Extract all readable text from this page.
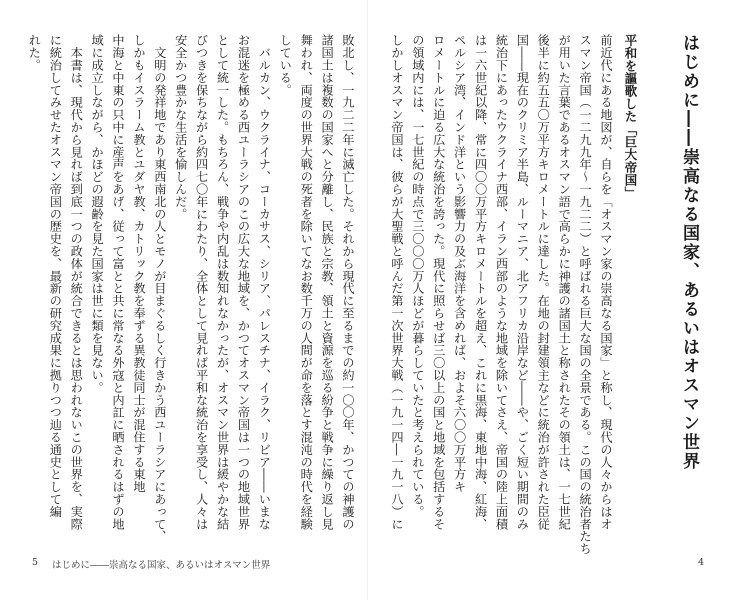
はじめに――崇高なる国家、あるいはオスマン世界
平和を謳歌した「巨大帝国」
前近代にある地図が、自らを「オスマン家の崇高なる国家」と称し、現代の人々からはオ
スマン帝国（一二九九年〜一九二二）と呼ばれる巨大な国の全景である。この国の統治者たち
が用いた言葉であるオスマン語で高らかに神護の諸国土と称されたその領土は、一七世紀
後半に約五五〇万平方キロメートルに達した。在地の封建領主などに統治が許された臣従
国――現在のクリミア半島、ルーマニア、北アフリカ沿岸など――や、ごく短い期間のみ
統治下にあったウクライナ西部、イラン西部のような地域を除いてさえ、帝国の陸上面積
は一六世紀以降、常に四〇〇万平方キロメートルを超え、これに黒海、東地中海、紅海、
ペルシア湾、インド洋という影響力の及ぶ海洋を含めれば、およそ六〇〇万平方キ
ロメートルに迫る広大な統治を誇った。現代に照らせば三〇以上の国と地域を包括するそ
の領域内には、一七世紀の時点で三〇〇〇万人ほどが暮らしていたと考えられている。
しかしオスマン帝国は、彼らが大聖戦と呼んだ第一次世界大戦（一九一四―一九一八）に
4
敗北し、一九二二年に滅亡した。それから現代に至るまでの約一〇〇年、かつての神護の
諸国土は複数の国家へと分離し、民族と宗教、領土と資源を巡る紛争と戦争に繰り返し見
舞われ、両度の世界大戦の死者を除いてなお数千万の人間が命を落とす混沌の時代を経験
している。
　バルカン、ウクライナ、コーカサス、シリア、パレスチナ、イラク、リビア――いまな
お混迷を極める西ユーラシアのこの広大な地域を、かつてオスマン帝国は一つの地域世界
として統一した。もちろん、戦争や内乱は数知れなかったが、オスマン世界は緩やかな結
びつきを保ちながら約四七〇年にわたり、全体として見れば平和な統治を享受し、人々は
安全かつ豊かな生活を愉しんだ。
　文明の発祥地であり東西南北の人とモノが目まぐるしく行きかう西ユーラシアにあって、
しかもイスラーム教とユダヤ教、カトリック教を奉ずる異教徒同士が混住する東地
中海と中東の只中に産声をあげ、従って富とと共に常なる外寇と内訌に晒されるはずの地
域に成立しながら、かほどの遐齢を見た国家は世に類を見ない。
　本書は、現代から見れば到底一つの政体が統合できるとは思われないこの世界を、実際
に統治してみせたオスマン帝国の歴史を、最新の研究成果に拠りつつ辿る通史として編
れた。
5 はじめに――崇高なる国家、あるいはオスマン世界
